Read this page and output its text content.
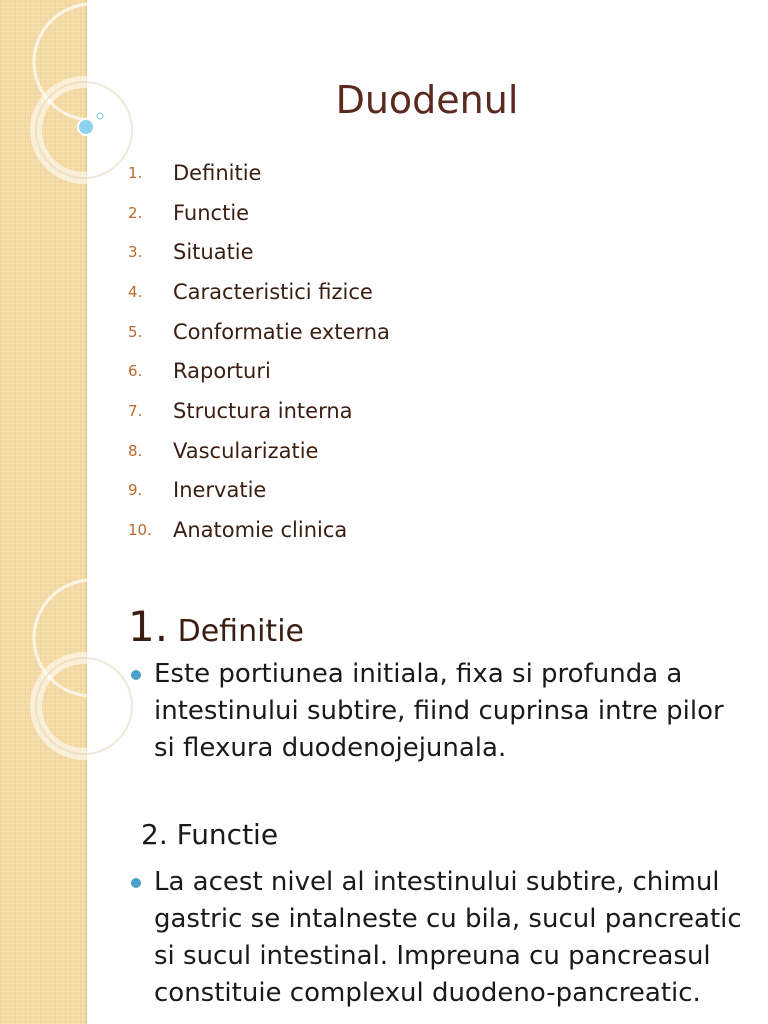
Duodenul
1.	Definitie
2.	Functie
3.	Situatie
4.	Caracteristici fizice
5.	Conformatie externa
6.	Raporturi
7.	Structura interna
8.	Vascularizatie
9.	Inervatie
10.	Anatomie clinica
1. Definitie

Este portiunea initiala, fixa si profunda a intestinului subtire, fiind cuprinsa intre pilor si flexura duodenojejunala.

2. Functie

La acest nivel al intestinului subtire, chimul gastric se intalneste cu bila, sucul pancreatic si sucul intestinal. Impreuna cu pancreasul constituie complexul duodeno-pancreatic.
